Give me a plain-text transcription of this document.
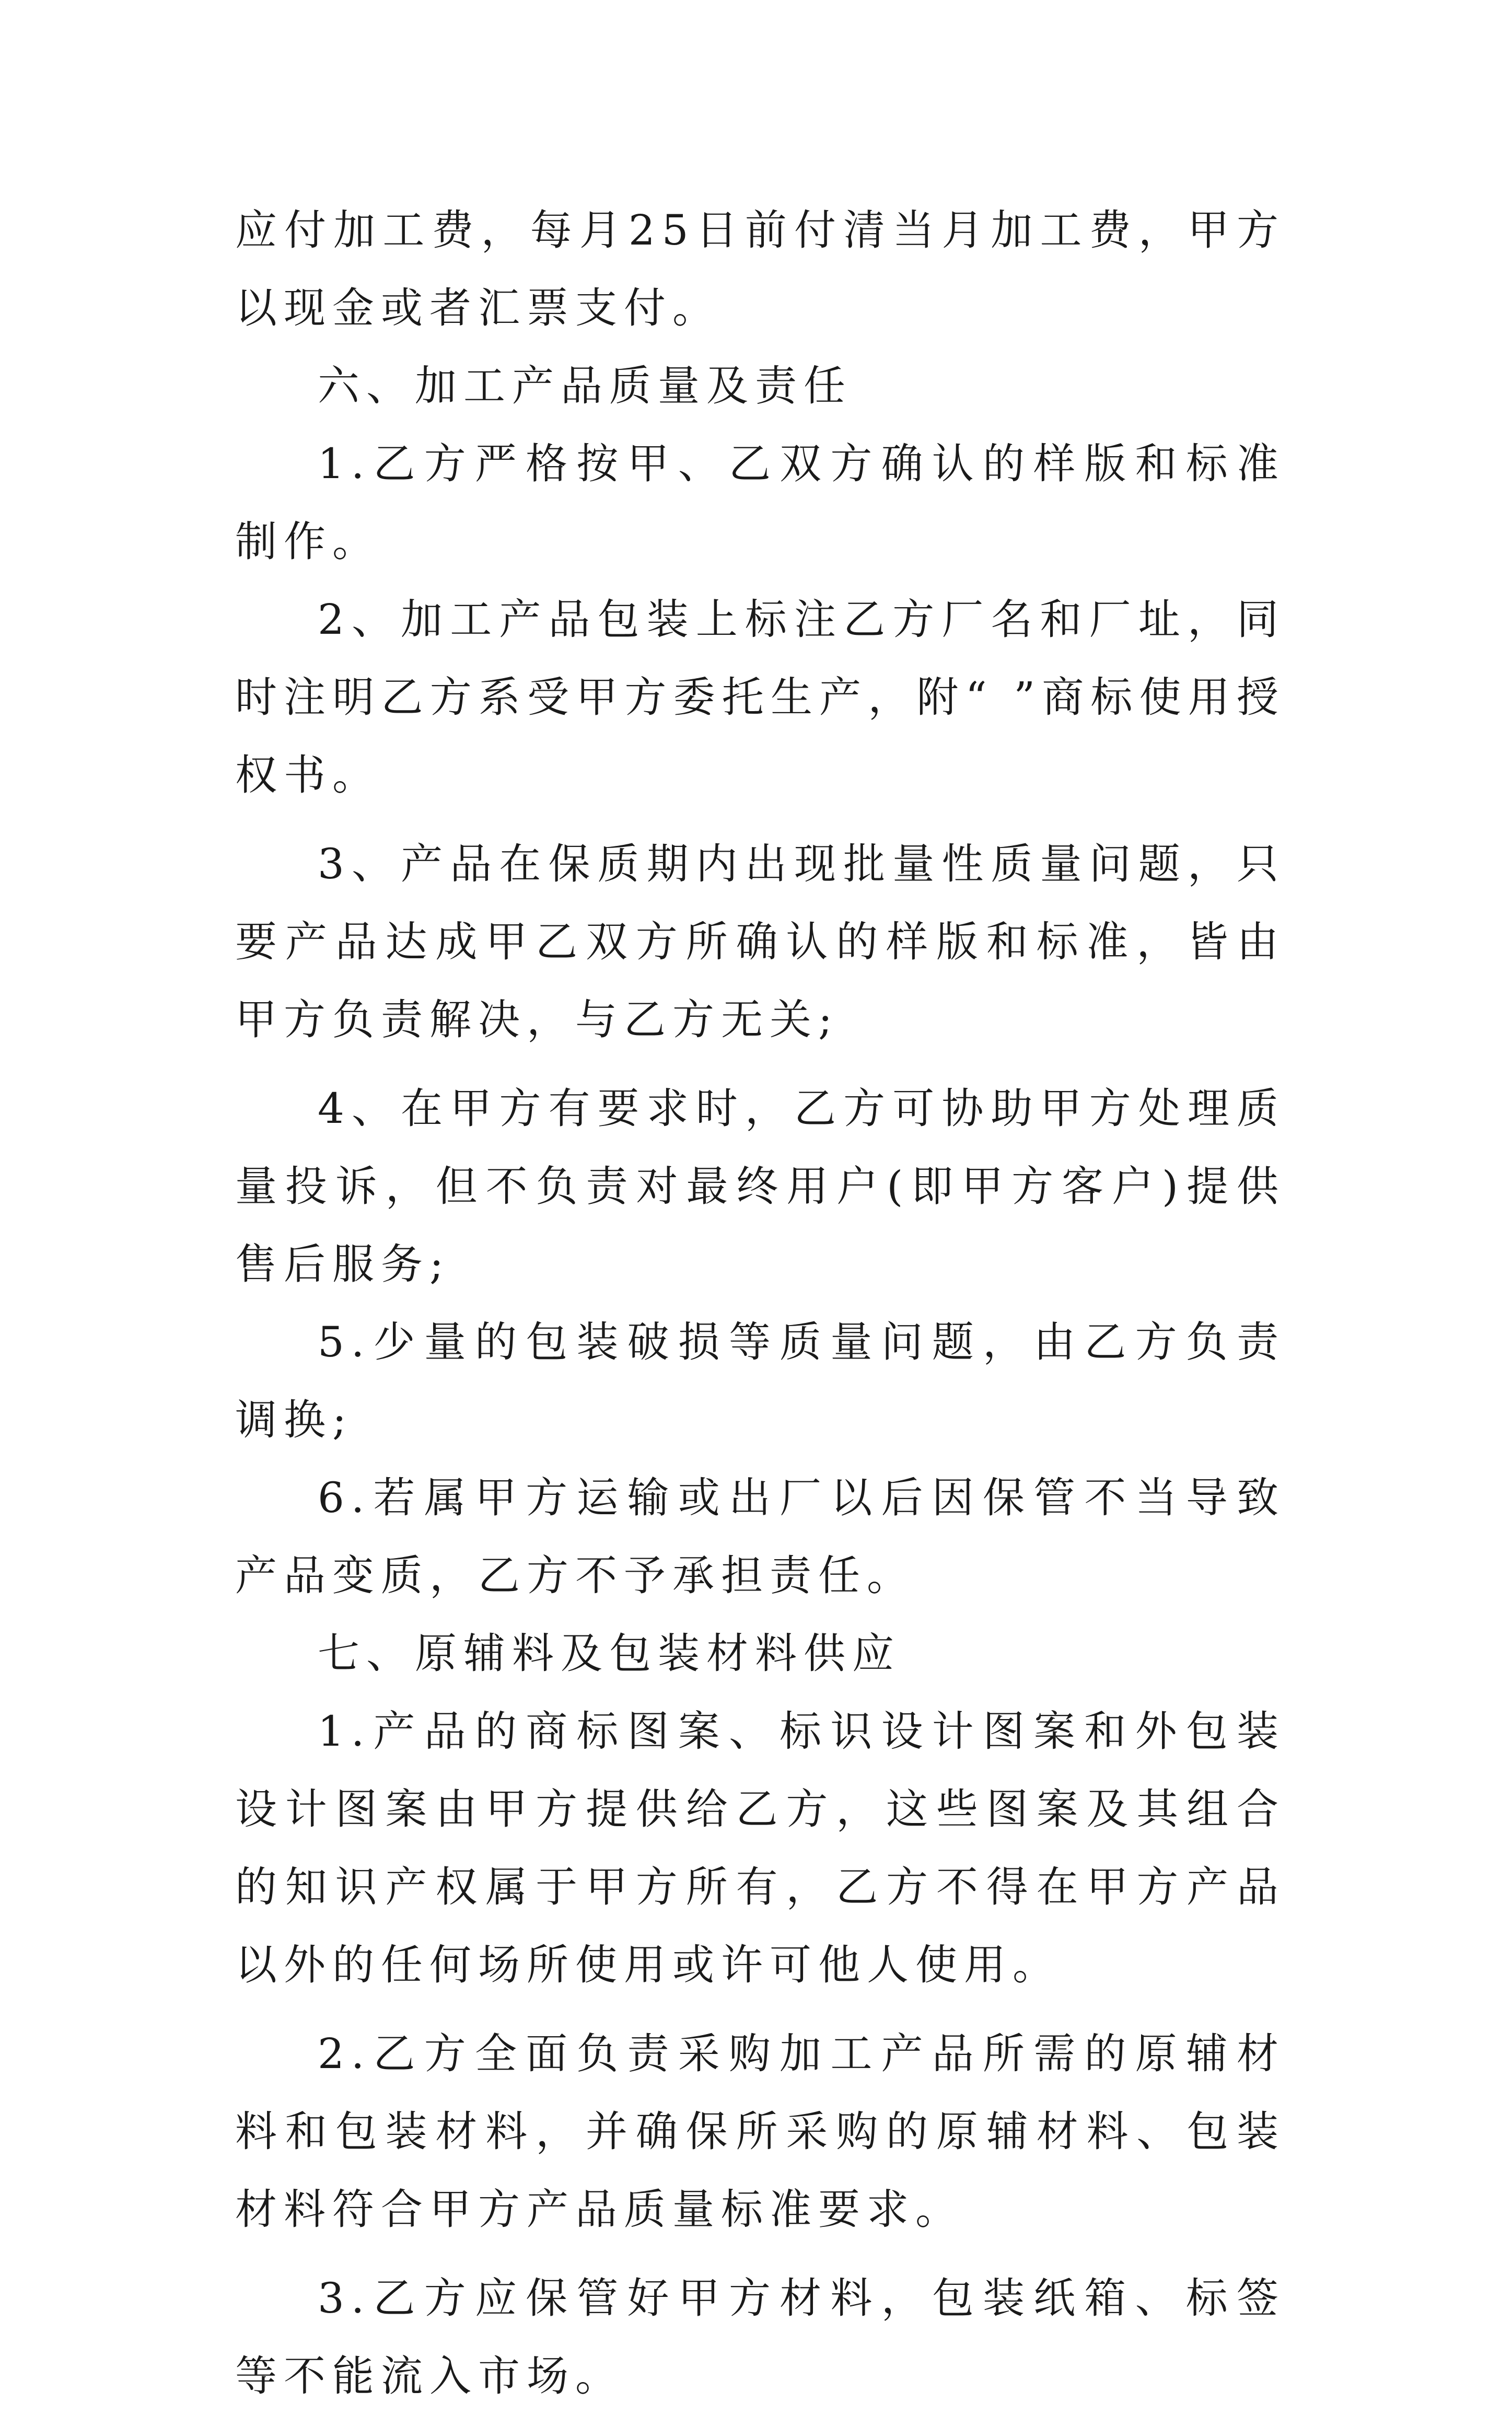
应付加工费，每月25日前付清当月加工费，甲方以现金或者汇票支付。

六、加工产品质量及责任

1.乙方严格按甲、乙双方确认的样版和标准制作。

2、加工产品包装上标注乙方厂名和厂址，同时注明乙方系受甲方委托生产，附“ ”商标使用授权书。

3、产品在保质期内出现批量性质量问题，只要产品达成甲乙双方所确认的样版和标准，皆由甲方负责解决，与乙方无关;

4、在甲方有要求时，乙方可协助甲方处理质量投诉，但不负责对最终用户(即甲方客户)提供售后服务;

5.少量的包装破损等质量问题，由乙方负责调换;

6.若属甲方运输或出厂以后因保管不当导致产品变质，乙方不予承担责任。

七、原辅料及包装材料供应

1.产品的商标图案、标识设计图案和外包装设计图案由甲方提供给乙方，这些图案及其组合的知识产权属于甲方所有，乙方不得在甲方产品以外的任何场所使用或许可他人使用。

2.乙方全面负责采购加工产品所需的原辅材料和包装材料，并确保所采购的原辅材料、包装材料符合甲方产品质量标准要求。

3.乙方应保管好甲方材料，包装纸箱、标签等不能流入市场。
